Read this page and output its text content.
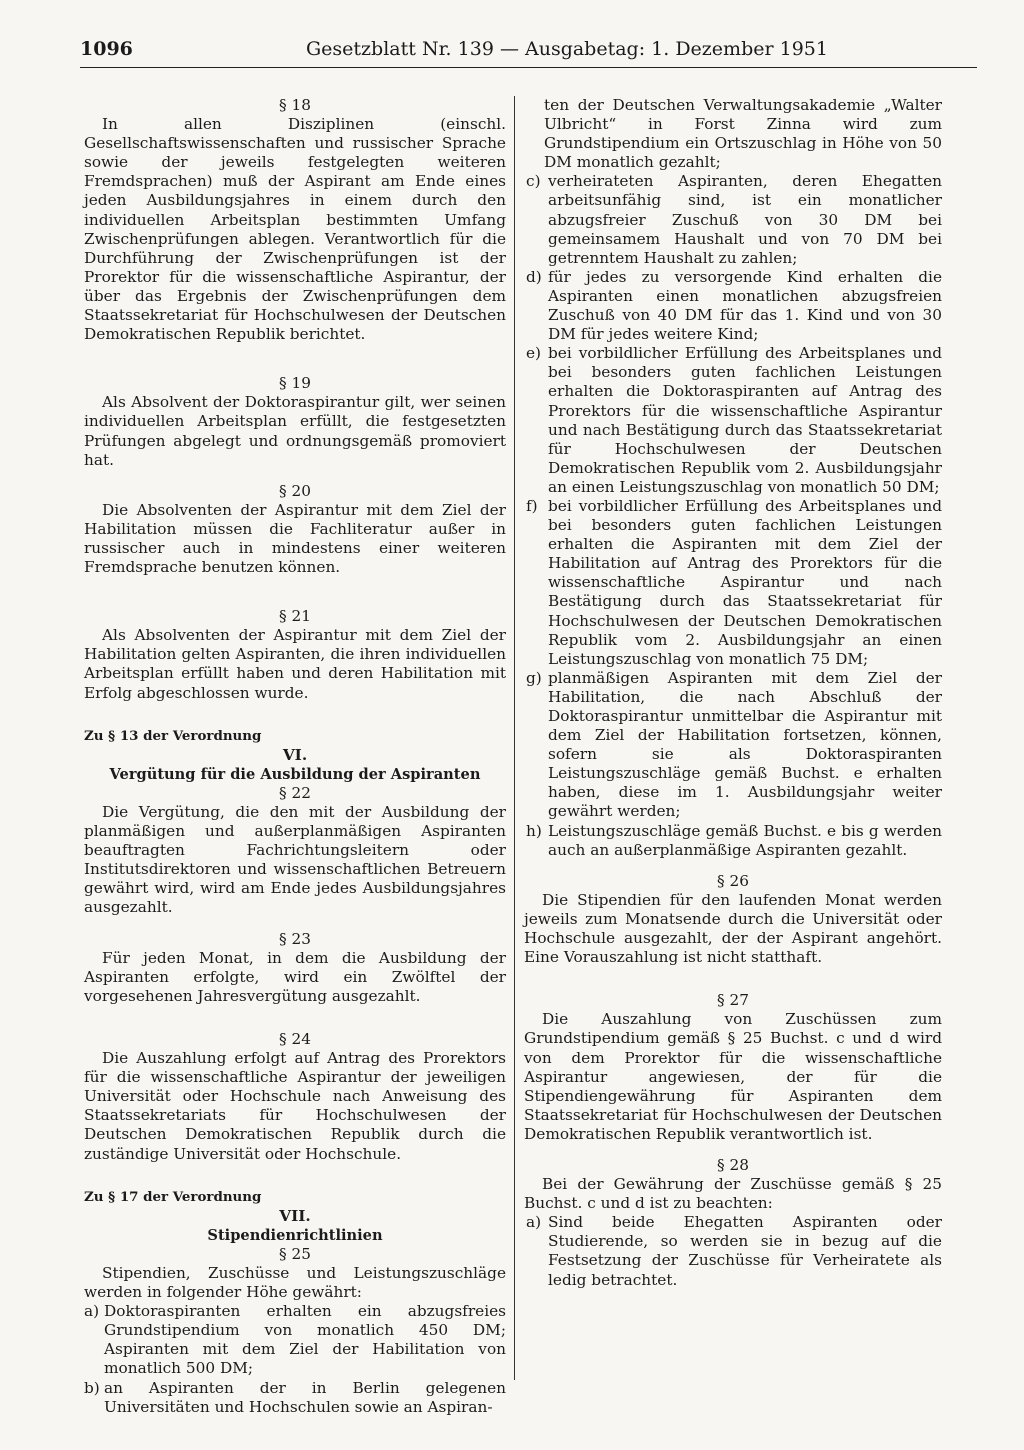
1096	Gesetzblatt Nr. 139 — Ausgabetag: 1. Dezember 1951

§ 18

In allen Disziplinen (einschl. Gesellschaftswissenschaften und russischer Sprache sowie der jeweils festgelegten weiteren Fremdsprachen) muß der Aspirant am Ende eines jeden Ausbildungsjahres in einem durch den individuellen Arbeitsplan bestimmten Umfang Zwischenprüfungen ablegen. Verantwortlich für die Durchführung der Zwischenprüfungen ist der Prorektor für die wissenschaftliche Aspirantur, der über das Ergebnis der Zwischenprüfungen dem Staatssekretariat für Hochschulwesen der Deutschen Demokratischen Republik berichtet.

§ 19

Als Absolvent der Doktoraspirantur gilt, wer seinen individuellen Arbeitsplan erfüllt, die festgesetzten Prüfungen abgelegt und ordnungsgemäß promoviert hat.

§ 20

Die Absolventen der Aspirantur mit dem Ziel der Habilitation müssen die Fachliteratur außer in russischer auch in mindestens einer weiteren Fremdsprache benutzen können.

§ 21

Als Absolventen der Aspirantur mit dem Ziel der Habilitation gelten Aspiranten, die ihren individuellen Arbeitsplan erfüllt haben und deren Habilitation mit Erfolg abgeschlossen wurde.

Zu § 13 der Verordnung

VI.

Vergütung für die Ausbildung der Aspiranten

§ 22

Die Vergütung, die den mit der Ausbildung der planmäßigen und außerplanmäßigen Aspiranten beauftragten Fachrichtungsleitern oder Institutsdirektoren und wissenschaftlichen Betreuern gewährt wird, wird am Ende jedes Ausbildungsjahres ausgezahlt.

§ 23

Für jeden Monat, in dem die Ausbildung der Aspiranten erfolgte, wird ein Zwölftel der vorgesehenen Jahresvergütung ausgezahlt.

§ 24

Die Auszahlung erfolgt auf Antrag des Prorektors für die wissenschaftliche Aspirantur der jeweiligen Universität oder Hochschule nach Anweisung des Staatssekretariats für Hochschulwesen der Deutschen Demokratischen Republik durch die zuständige Universität oder Hochschule.

Zu § 17 der Verordnung

VII.

Stipendienrichtlinien

§ 25

Stipendien, Zuschüsse und Leistungszuschläge werden in folgender Höhe gewährt:

a) Doktoraspiranten erhalten ein abzugsfreies Grundstipendium von monatlich 450 DM; Aspiranten mit dem Ziel der Habilitation von monatlich 500 DM;
b) an Aspiranten der in Berlin gelegenen Universitäten und Hochschulen sowie an Aspiran-

ten der Deutschen Verwaltungsakademie „Walter Ulbricht“ in Forst Zinna wird zum Grundstipendium ein Ortszuschlag in Höhe von 50 DM monatlich gezahlt;

c) verheirateten Aspiranten, deren Ehegatten arbeitsunfähig sind, ist ein monatlicher abzugsfreier Zuschuß von 30 DM bei gemeinsamem Haushalt und von 70 DM bei getrenntem Haushalt zu zahlen;
d) für jedes zu versorgende Kind erhalten die Aspiranten einen monatlichen abzugsfreien Zuschuß von 40 DM für das 1. Kind und von 30 DM für jedes weitere Kind;
e) bei vorbildlicher Erfüllung des Arbeitsplanes und bei besonders guten fachlichen Leistungen erhalten die Doktoraspiranten auf Antrag des Prorektors für die wissenschaftliche Aspirantur und nach Bestätigung durch das Staatssekretariat für Hochschulwesen der Deutschen Demokratischen Republik vom 2. Ausbildungsjahr an einen Leistungszuschlag von monatlich 50 DM;
f) bei vorbildlicher Erfüllung des Arbeitsplanes und bei besonders guten fachlichen Leistungen erhalten die Aspiranten mit dem Ziel der Habilitation auf Antrag des Prorektors für die wissenschaftliche Aspirantur und nach Bestätigung durch das Staatssekretariat für Hochschulwesen der Deutschen Demokratischen Republik vom 2. Ausbildungsjahr an einen Leistungszuschlag von monatlich 75 DM;
g) planmäßigen Aspiranten mit dem Ziel der Habilitation, die nach Abschluß der Doktoraspirantur unmittelbar die Aspirantur mit dem Ziel der Habilitation fortsetzen, können, sofern sie als Doktoraspiranten Leistungszuschläge gemäß Buchst. e erhalten haben, diese im 1. Ausbildungsjahr weiter gewährt werden;
h) Leistungszuschläge gemäß Buchst. e bis g werden auch an außerplanmäßige Aspiranten gezahlt.

§ 26

Die Stipendien für den laufenden Monat werden jeweils zum Monatsende durch die Universität oder Hochschule ausgezahlt, der der Aspirant angehört. Eine Vorauszahlung ist nicht statthaft.

§ 27

Die Auszahlung von Zuschüssen zum Grundstipendium gemäß § 25 Buchst. c und d wird von dem Prorektor für die wissenschaftliche Aspirantur angewiesen, der für die Stipendiengewährung für Aspiranten dem Staatssekretariat für Hochschulwesen der Deutschen Demokratischen Republik verantwortlich ist.

§ 28

Bei der Gewährung der Zuschüsse gemäß § 25 Buchst. c und d ist zu beachten:

a) Sind beide Ehegatten Aspiranten oder Studierende, so werden sie in bezug auf die Festsetzung der Zuschüsse für Verheiratete als ledig betrachtet.
